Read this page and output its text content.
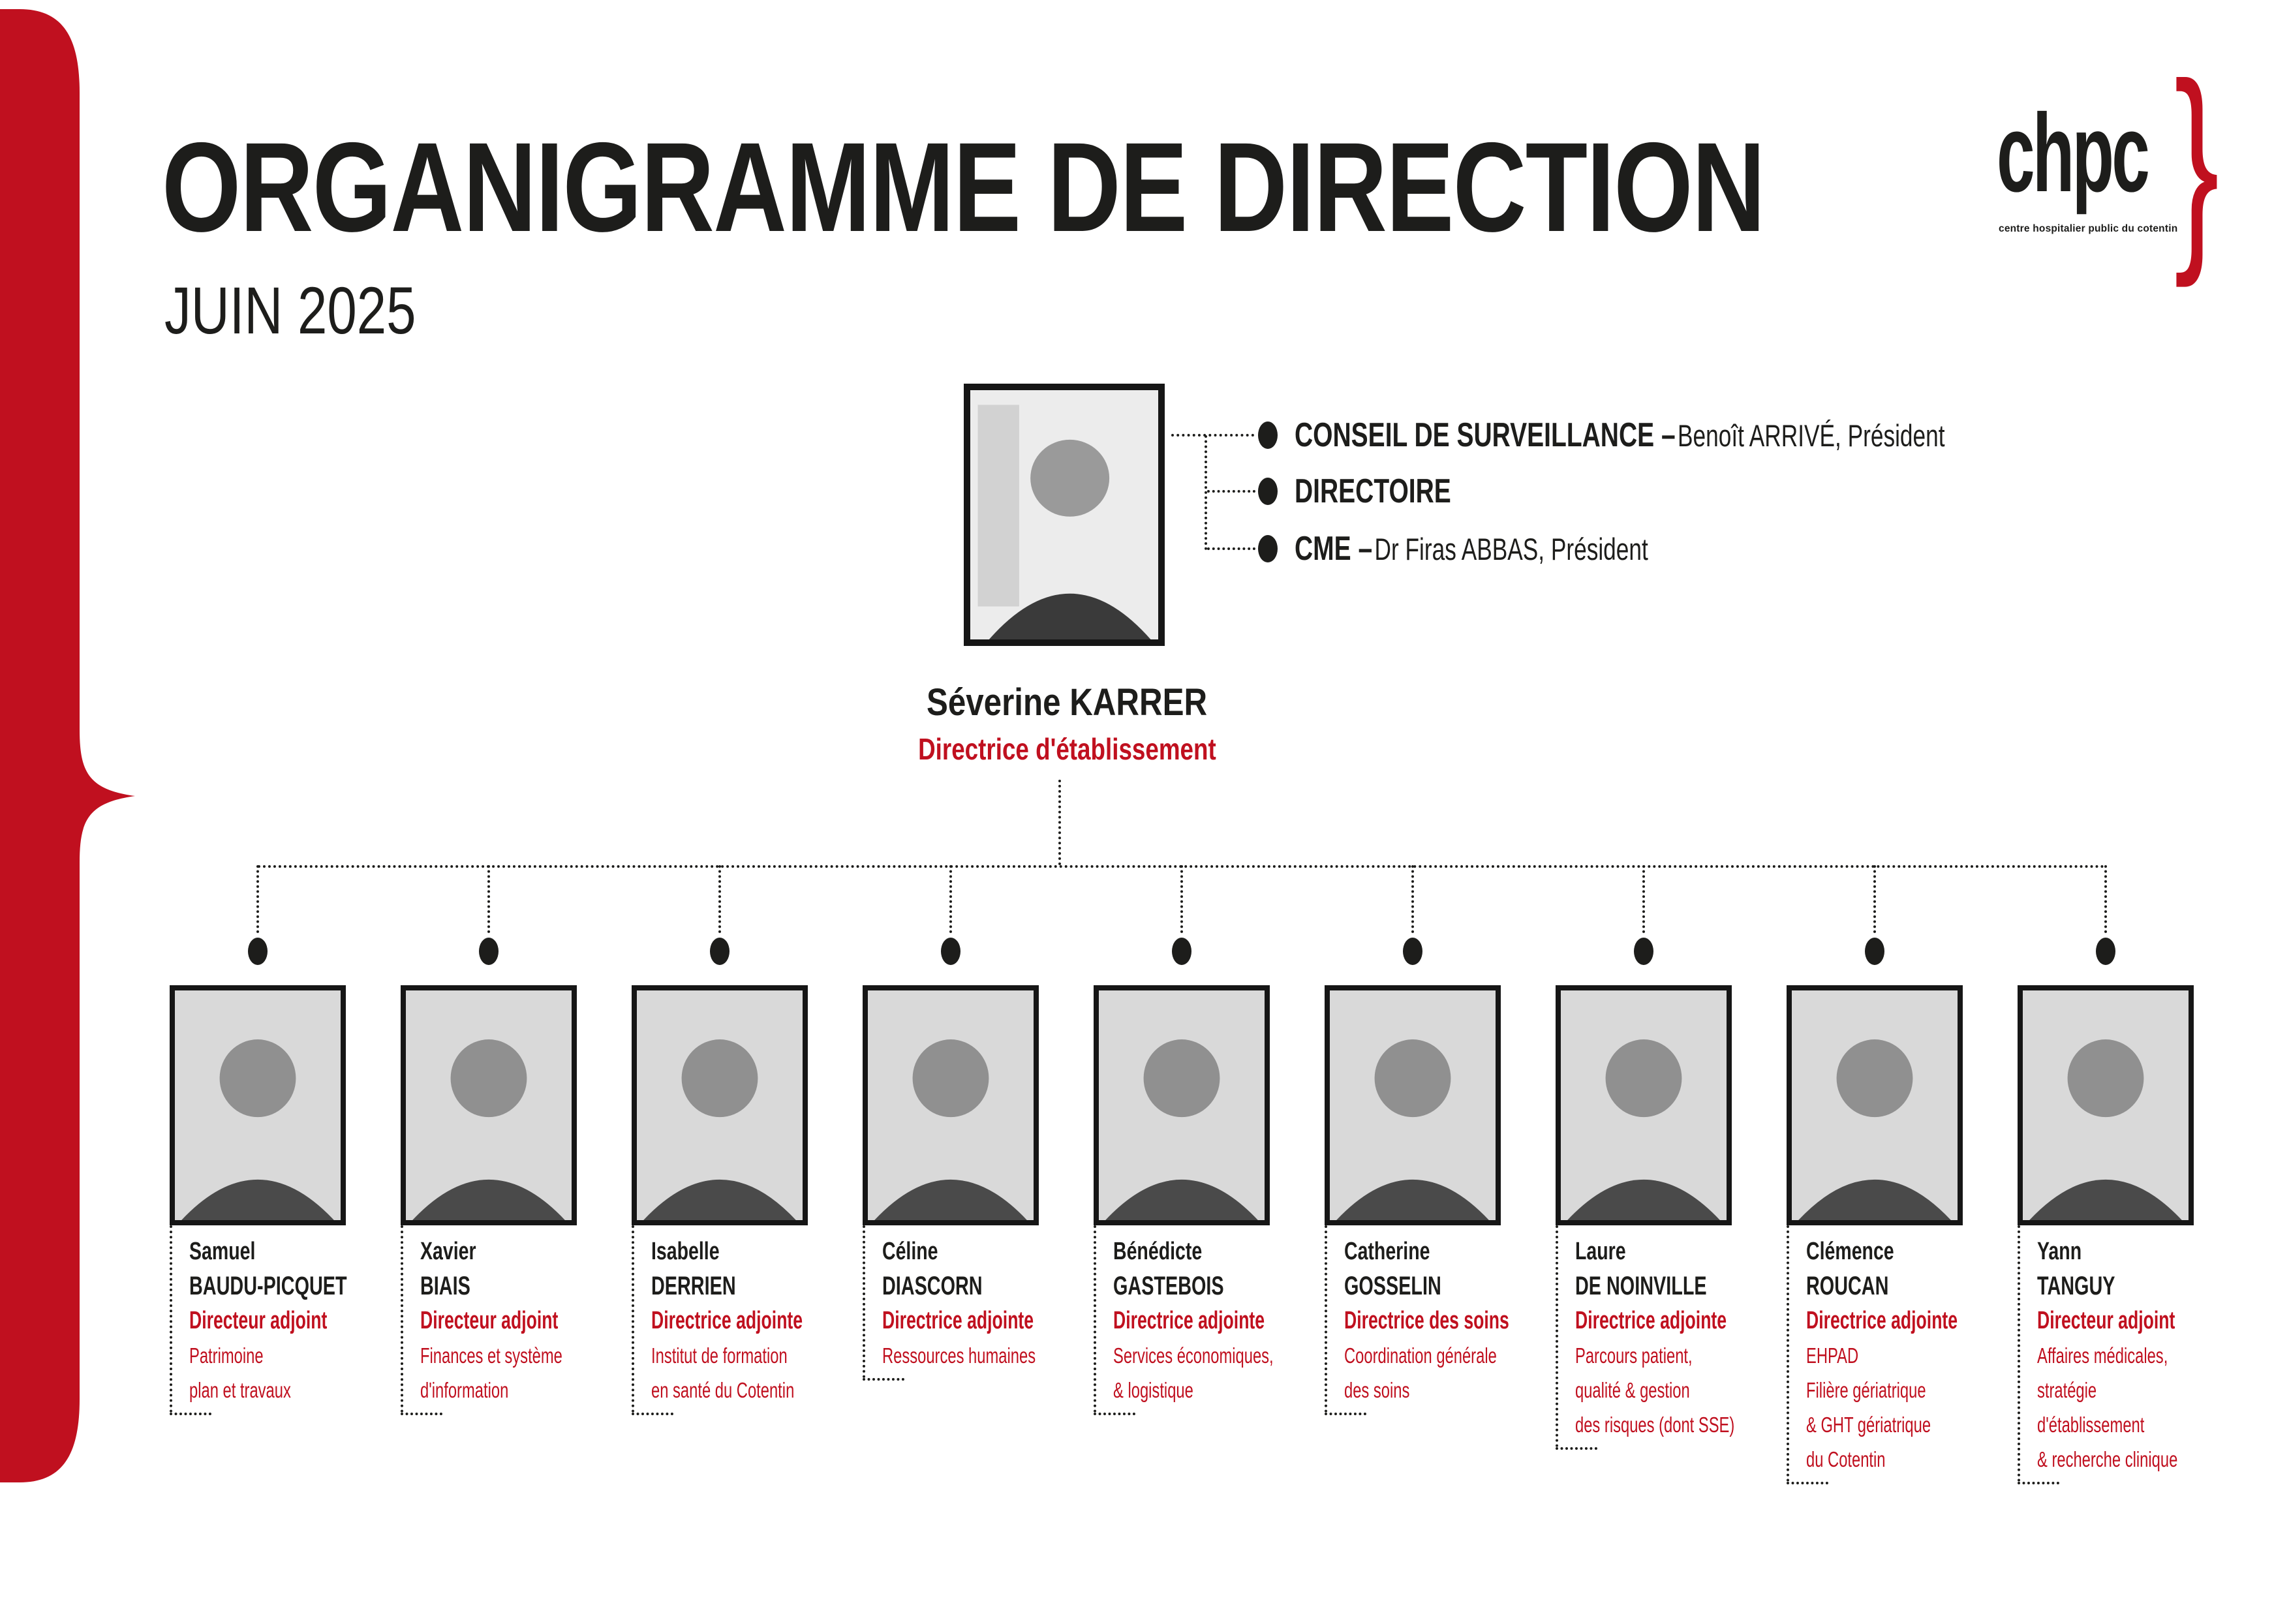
ORGANIGRAMME DE DIRECTION
JUIN 2025
chpc }
centre hospitalier public du cotentin
Séverine KARRER
Directrice d'établissement
Samuel
BAUDU-PICQUET
Directeur adjoint
Patrimoine
plan et travaux
Xavier
BIAIS
Directeur adjoint
Finances et système
d'information
Isabelle
DERRIEN
Directrice adjointe
Institut de formation
en santé du Cotentin
Céline
DIASCORN
Directrice adjointe
Ressources humaines
Bénédicte
GASTEBOIS
Directrice adjointe
Services économiques,
& logistique
Catherine
GOSSELIN
Directrice des soins
Coordination générale
des soins
Laure
DE NOINVILLE
Directrice adjointe
Parcours patient,
qualité & gestion
des risques (dont SSE)
Clémence
ROUCAN
Directrice adjointe
EHPAD
Filière gériatrique
& GHT gériatrique
du Cotentin
Yann
TANGUY
Directeur adjoint
Affaires médicales,
stratégie
d'établissement
& recherche clinique
CONSEIL DE SURVEILLANCE – Benoît ARRIVÉ, Président
DIRECTOIRE
CME – Dr Firas ABBAS, Président
